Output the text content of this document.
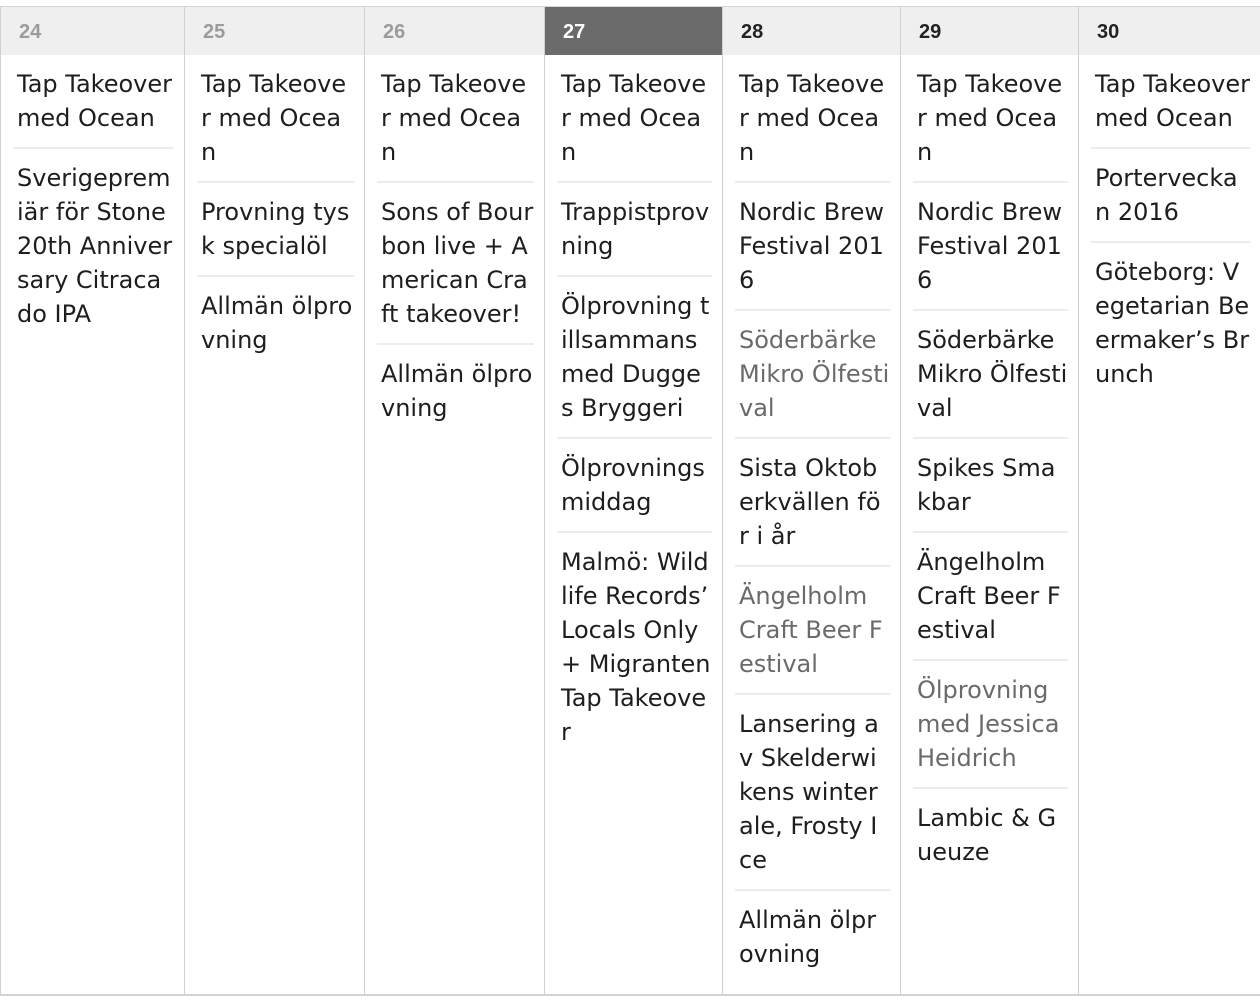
24
Tap Takeover med Ocean
Sverigepremiär för Stone 20th Anniversary Citracado IPA
25
Tap Takeover med Ocean
Provning tysk specialöl
Allmän ölprovning
26
Tap Takeover med Ocean
Sons of Bourbon live + American Craft takeover!
Allmän ölprovning
27
Tap Takeover med Ocean
Trappistprovning
Ölprovning tillsammans med Dugges Bryggeri
Ölprovningsmiddag
Malmö: Wildlife Records’ Locals Only + Migranten Tap Takeover
28
Tap Takeover med Ocean
Nordic Brew Festival 2016
Söderbärke Mikro Ölfestival
Sista Oktoberkvällen för i år
Ängelholm Craft Beer Festival
Lansering av Skelderwikens winter ale, Frosty Ice
Allmän ölprovning
29
Tap Takeover med Ocean
Nordic Brew Festival 2016
Söderbärke Mikro Ölfestival
Spikes Smakbar
Ängelholm Craft Beer Festival
Ölprovning med Jessica Heidrich
Lambic & Gueuze
30
Tap Takeover med Ocean
Portervecka n 2016
Göteborg: Vegetarian Beermaker’s Brunch
